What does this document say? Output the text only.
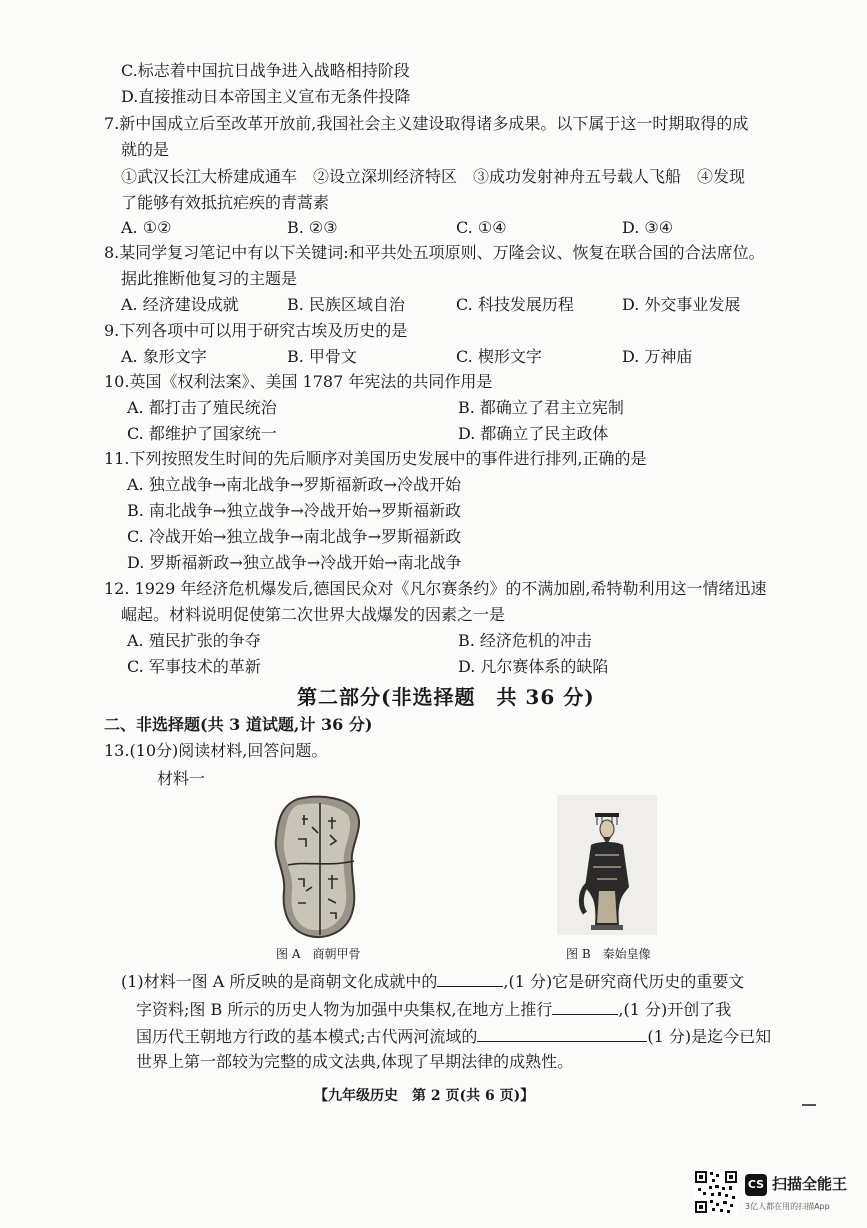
C.标志着中国抗日战争进入战略相持阶段
D.直接推动日本帝国主义宣布无条件投降
7.新中国成立后至改革开放前,我国社会主义建设取得诸多成果。以下属于这一时期取得的成
就的是
①武汉长江大桥建成通车　②设立深圳经济特区　③成功发射神舟五号载人飞船　④发现
了能够有效抵抗疟疾的青蒿素
A. ①②	B. ②③	C. ①④	D. ③④
8.某同学复习笔记中有以下关键词:和平共处五项原则、万隆会议、恢复在联合国的合法席位。
据此推断他复习的主题是
A. 经济建设成就	B. 民族区域自治	C. 科技发展历程	D. 外交事业发展
9.下列各项中可以用于研究古埃及历史的是
A. 象形文字	B. 甲骨文	C. 楔形文字	D. 万神庙
10.英国《权利法案》、美国 1787 年宪法的共同作用是
A. 都打击了殖民统治	B. 都确立了君主立宪制
C. 都维护了国家统一	D. 都确立了民主政体
11.下列按照发生时间的先后顺序对美国历史发展中的事件进行排列,正确的是
A. 独立战争→南北战争→罗斯福新政→冷战开始
B. 南北战争→独立战争→冷战开始→罗斯福新政
C. 冷战开始→独立战争→南北战争→罗斯福新政
D. 罗斯福新政→独立战争→冷战开始→南北战争
12. 1929 年经济危机爆发后,德国民众对《凡尔赛条约》的不满加剧,希特勒利用这一情绪迅速
崛起。材料说明促使第二次世界大战爆发的因素之一是
A. 殖民扩张的争夺	B. 经济危机的冲击
C. 军事技术的革新	D. 凡尔赛体系的缺陷
第二部分(非选择题　共 36 分)
二、非选择题(共 3 道试题,计 36 分)
13.(10分)阅读材料,回答问题。
材料一
图 A　商朝甲骨	图 B　秦始皇像
(1)材料一图 A 所反映的是商朝文化成就中的	,(1 分)它是研究商代历史的重要文
字资料;图 B 所示的历史人物为加强中央集权,在地方上推行	,(1 分)开创了我
国历代王朝地方行政的基本模式;古代两河流域的	(1 分)是迄今已知
世界上第一部较为完整的成文法典,体现了早期法律的成熟性。
【九年级历史　第 2 页(共 6 页)】
CS 扫描全能王
3亿人都在用的扫描App
